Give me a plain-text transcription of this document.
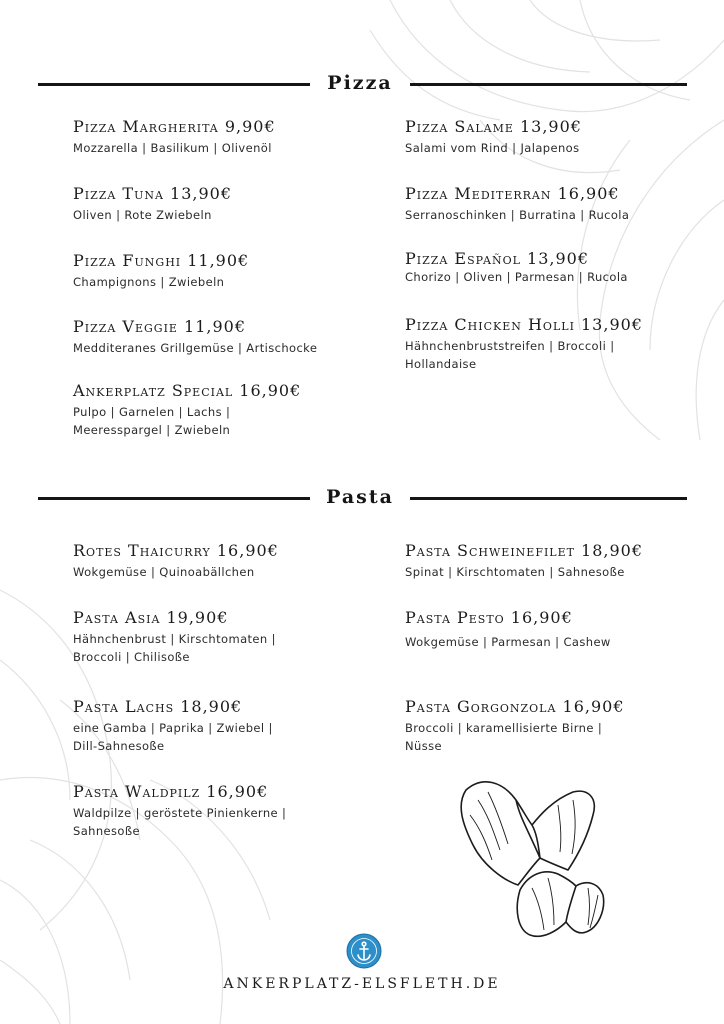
Pizza
Pizza Margherita 9,90€
Mozzarella | Basilikum | Olivenöl
Pizza Tuna 13,90€
Oliven | Rote Zwiebeln
Pizza Funghi 11,90€
Champignons | Zwiebeln
Pizza Veggie 11,90€
Medditeranes Grillgemüse | Artischocke
Ankerplatz Special 16,90€
Pulpo | Garnelen | Lachs |
Meeresspargel | Zwiebeln
Pizza Salame 13,90€
Salami vom Rind | Jalapenos
Pizza Mediterran 16,90€
Serranoschinken | Burratina | Rucola
Pizza Español 13,90€
Chorizo | Oliven | Parmesan | Rucola
Pizza Chicken Holli 13,90€
Hähnchenbruststreifen | Broccoli |
Hollandaise
Pasta
Rotes Thaicurry 16,90€
Wokgemüse | Quinoabällchen
Pasta Asia 19,90€
Hähnchenbrust | Kirschtomaten |
Broccoli | Chilisoße
Pasta Lachs 18,90€
eine Gamba | Paprika | Zwiebel |
Dill-Sahnesoße
Pasta Waldpilz 16,90€
Waldpilze | geröstete Pinienkerne |
Sahnesoße
Pasta Schweinefilet 18,90€
Spinat | Kirschtomaten | Sahnesoße
Pasta Pesto 16,90€
Wokgemüse | Parmesan | Cashew
Pasta Gorgonzola 16,90€
Broccoli | karamellisierte Birne |
Nüsse
ANKERPLATZ-ELSFLETH.DE
